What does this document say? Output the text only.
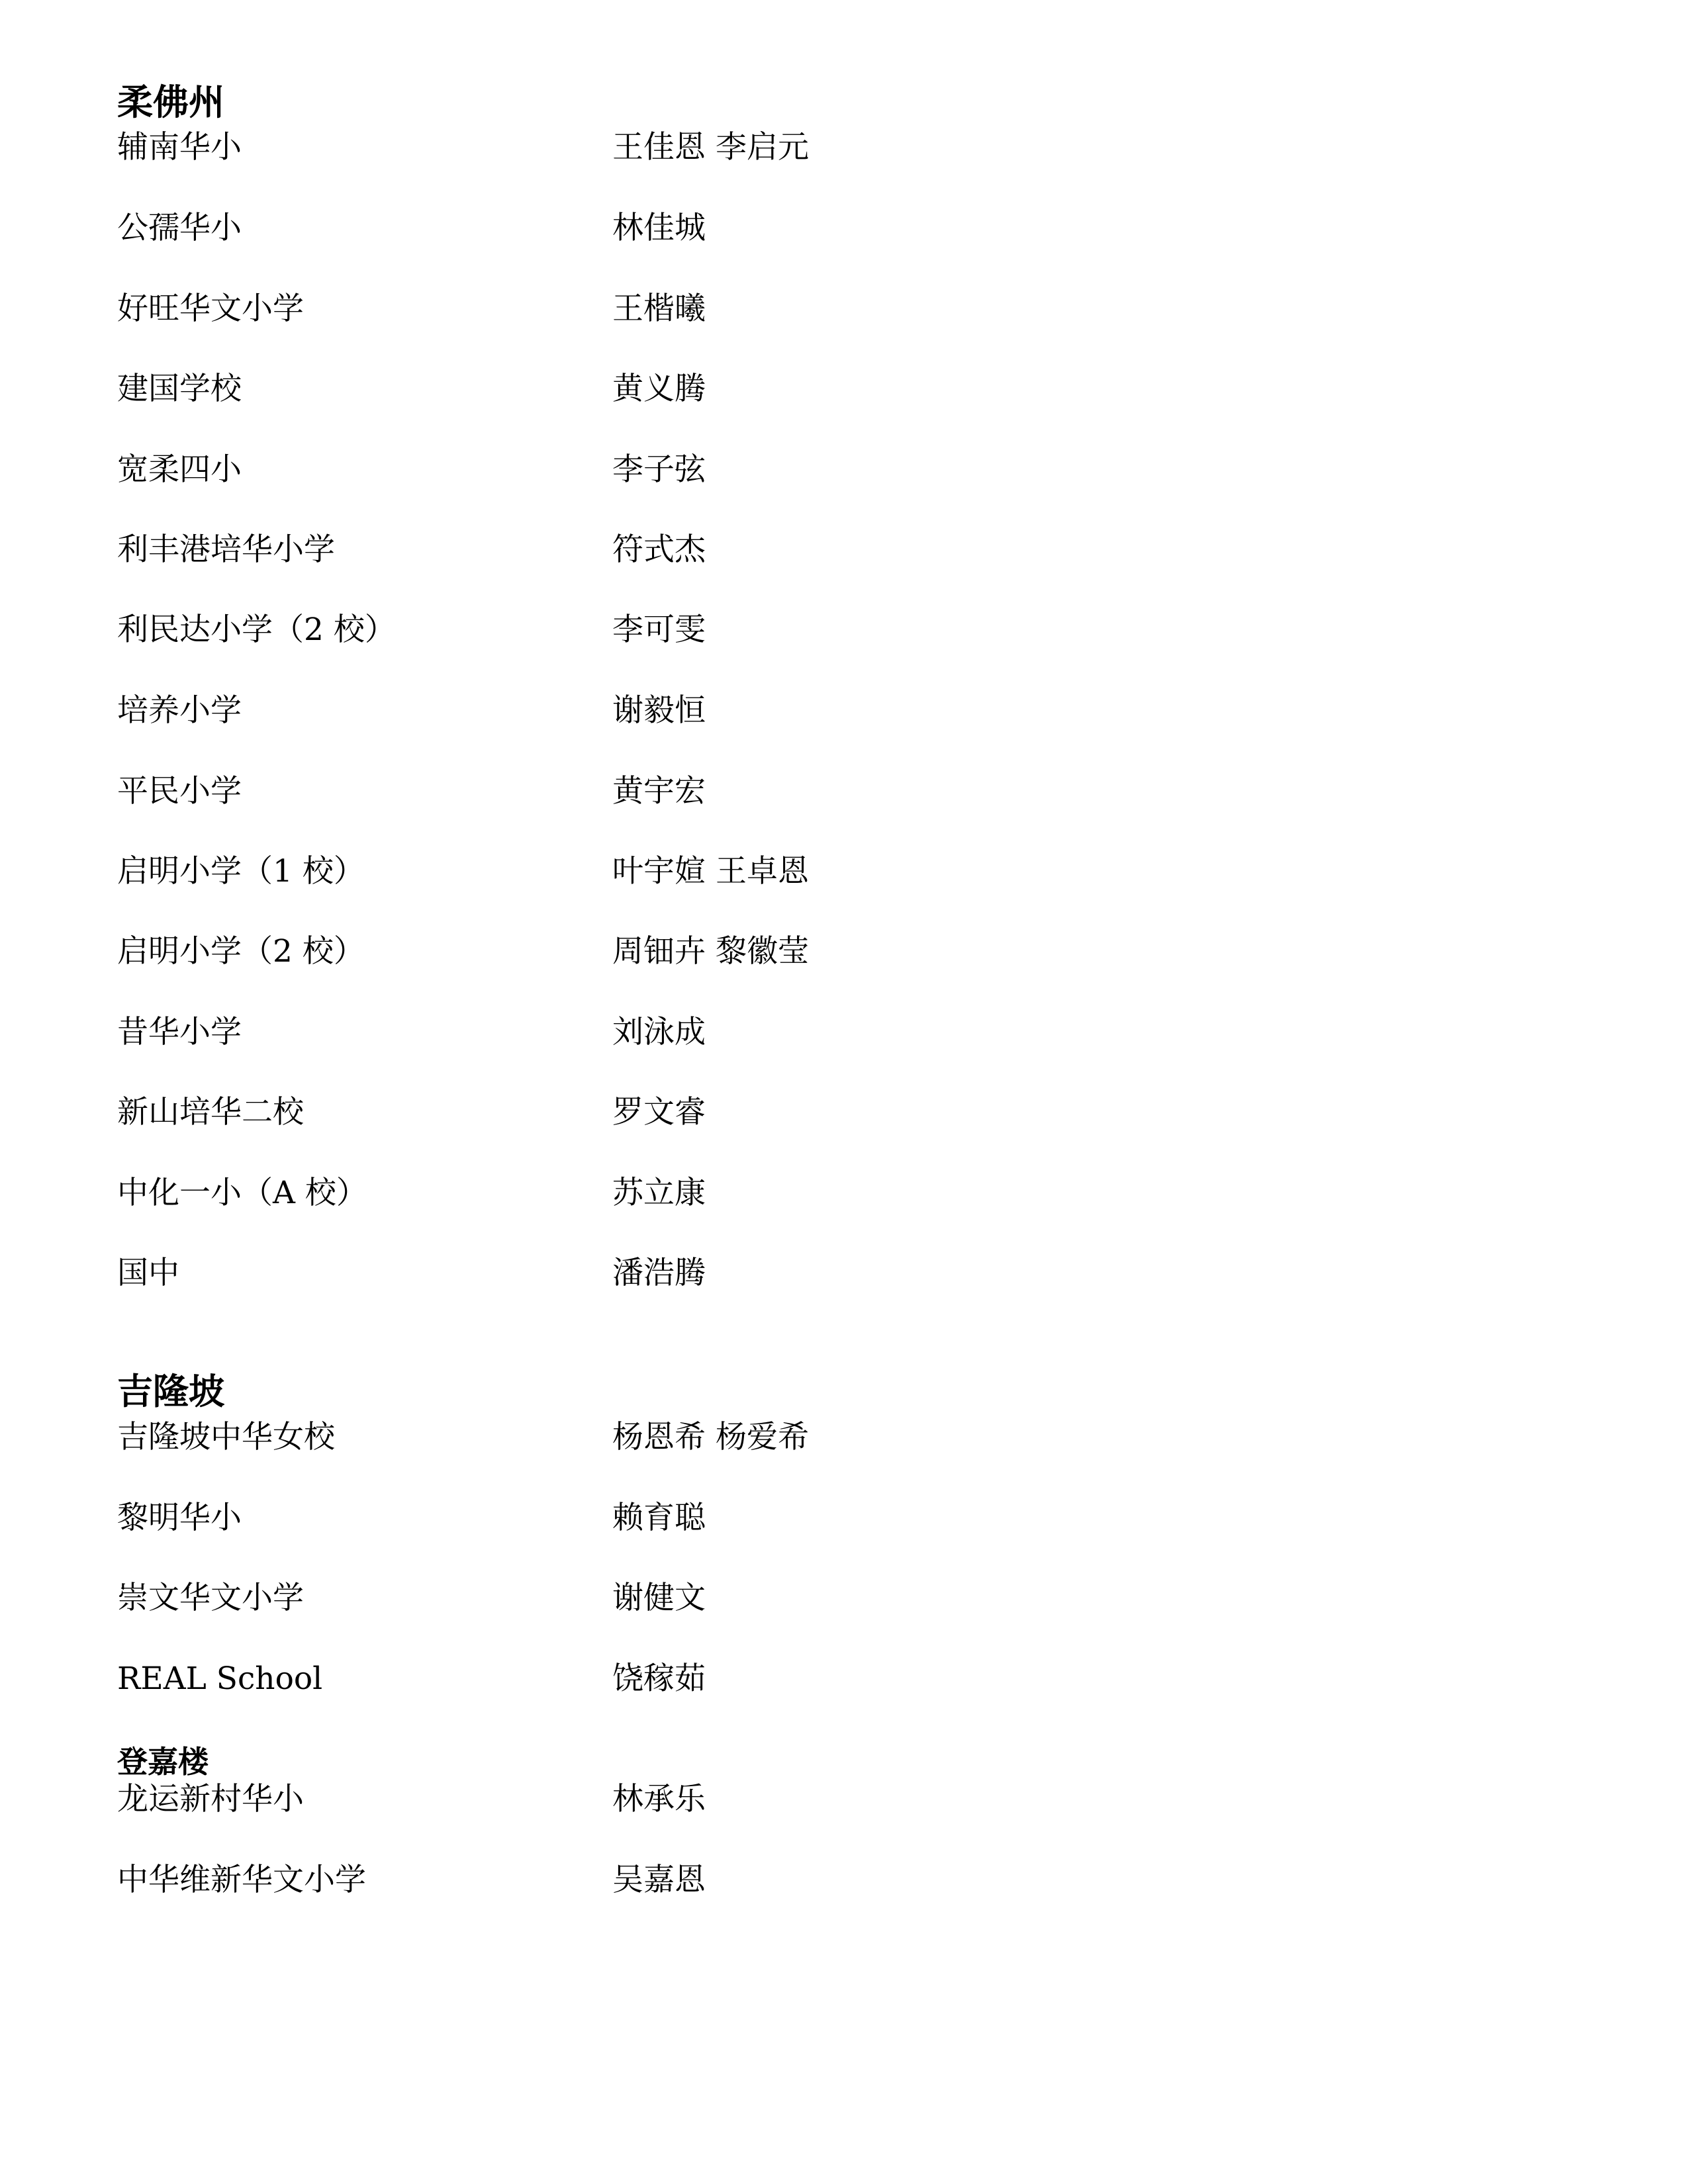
柔佛州
辅南华小	王佳恩 李启元
公孺华小	林佳城
好旺华文小学	王楷曦
建国学校	黄义腾
宽柔四小	李子弦
利丰港培华小学	符式杰
利民达小学（2 校）	李可雯
培养小学	谢毅恒
平民小学	黄宇宏
启明小学（1 校）	叶宇媗 王卓恩
启明小学（2 校）	周钿卉 黎徽莹
昔华小学	刘泳成
新山培华二校	罗文睿
中化一小（A 校）	苏立康
国中	潘浩腾
吉隆坡
吉隆坡中华女校	杨恩希 杨爱希
黎明华小	赖育聪
崇文华文小学	谢健文
REAL School	饶稼茹
登嘉楼
龙运新村华小	林承乐
中华维新华文小学	吴嘉恩
